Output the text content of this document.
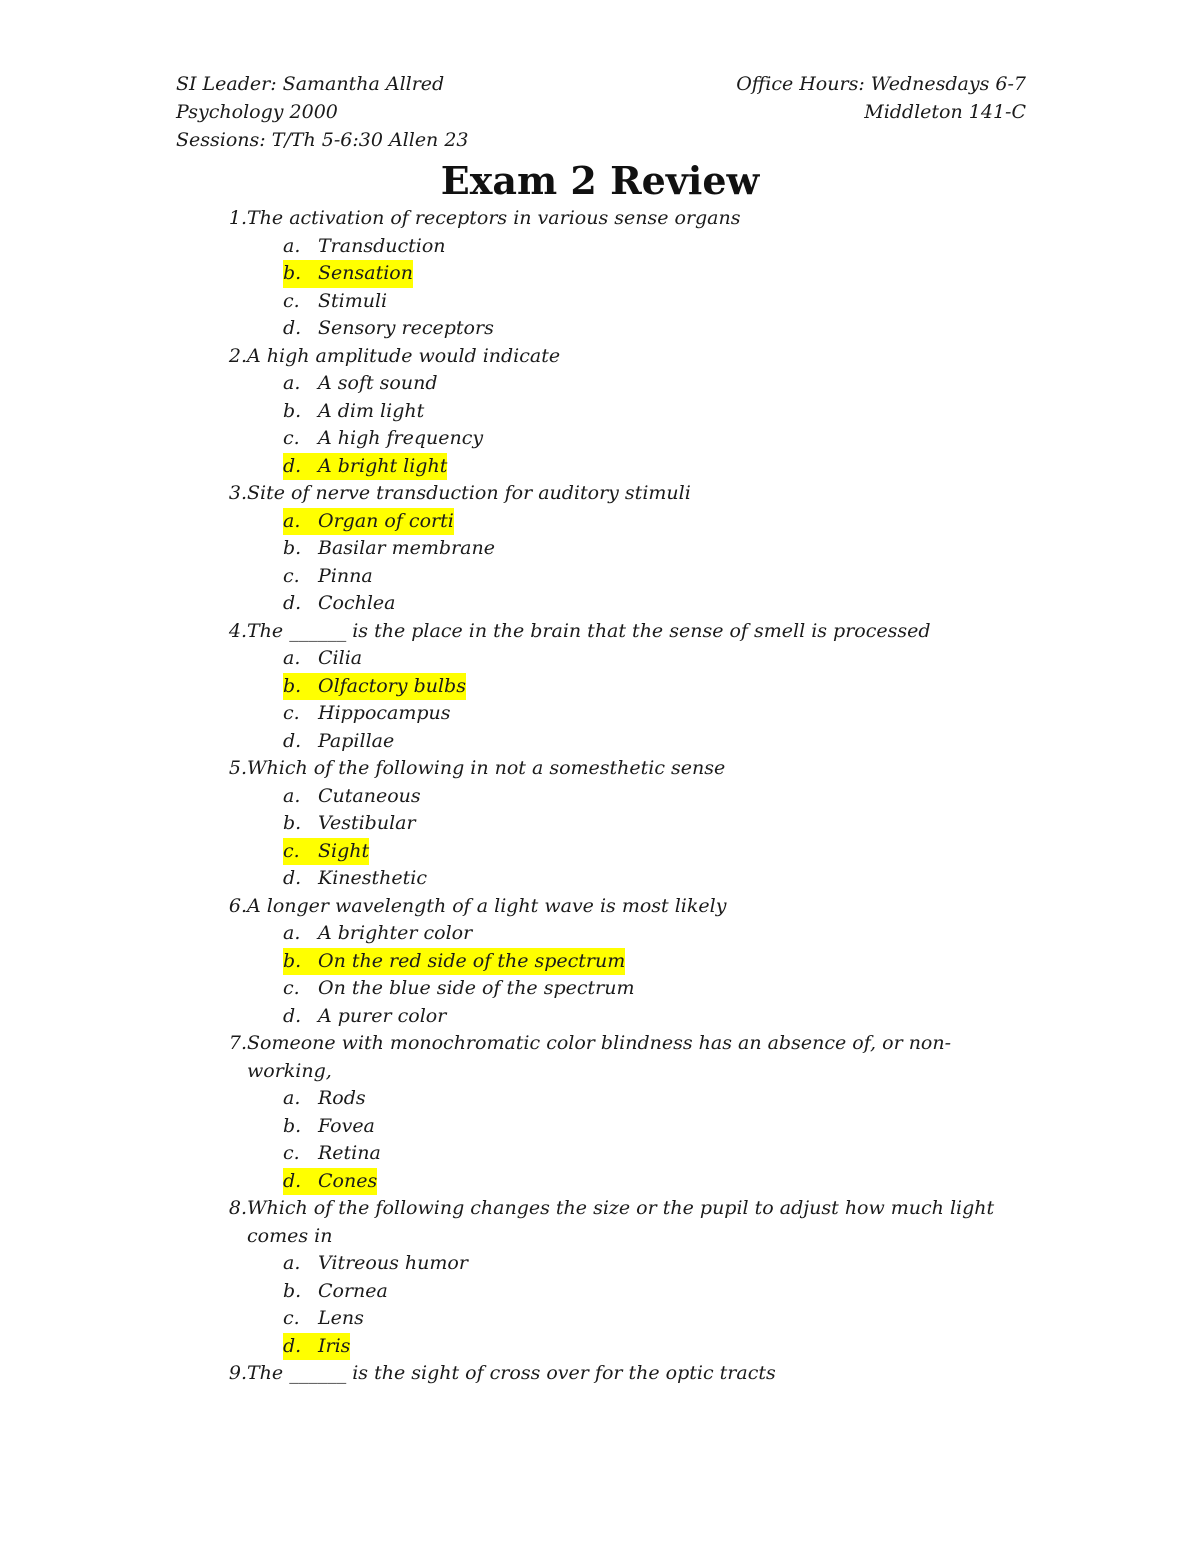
SI Leader: Samantha Allred	Office Hours: Wednesdays 6-7
Psychology 2000	Middleton 141-C
Sessions: T/Th 5-6:30 Allen 23
Exam 2 Review
1. The activation of receptors in various sense organs
a. Transduction
b. Sensation
c. Stimuli
d. Sensory receptors
2. A high amplitude would indicate
a. A soft sound
b. A dim light
c. A high frequency
d. A bright light
3. Site of nerve transduction for auditory stimuli
a. Organ of corti
b. Basilar membrane
c. Pinna
d. Cochlea
4. The ______ is the place in the brain that the sense of smell is processed
a. Cilia
b. Olfactory bulbs
c. Hippocampus
d. Papillae
5. Which of the following in not a somesthetic sense
a. Cutaneous
b. Vestibular
c. Sight
d. Kinesthetic
6. A longer wavelength of a light wave is most likely
a. A brighter color
b. On the red side of the spectrum
c. On the blue side of the spectrum
d. A purer color
7. Someone with monochromatic color blindness has an absence of, or non-working,
a. Rods
b. Fovea
c. Retina
d. Cones
8. Which of the following changes the size or the pupil to adjust how much light comes in
a. Vitreous humor
b. Cornea
c. Lens
d. Iris
9. The ______ is the sight of cross over for the optic tracts
